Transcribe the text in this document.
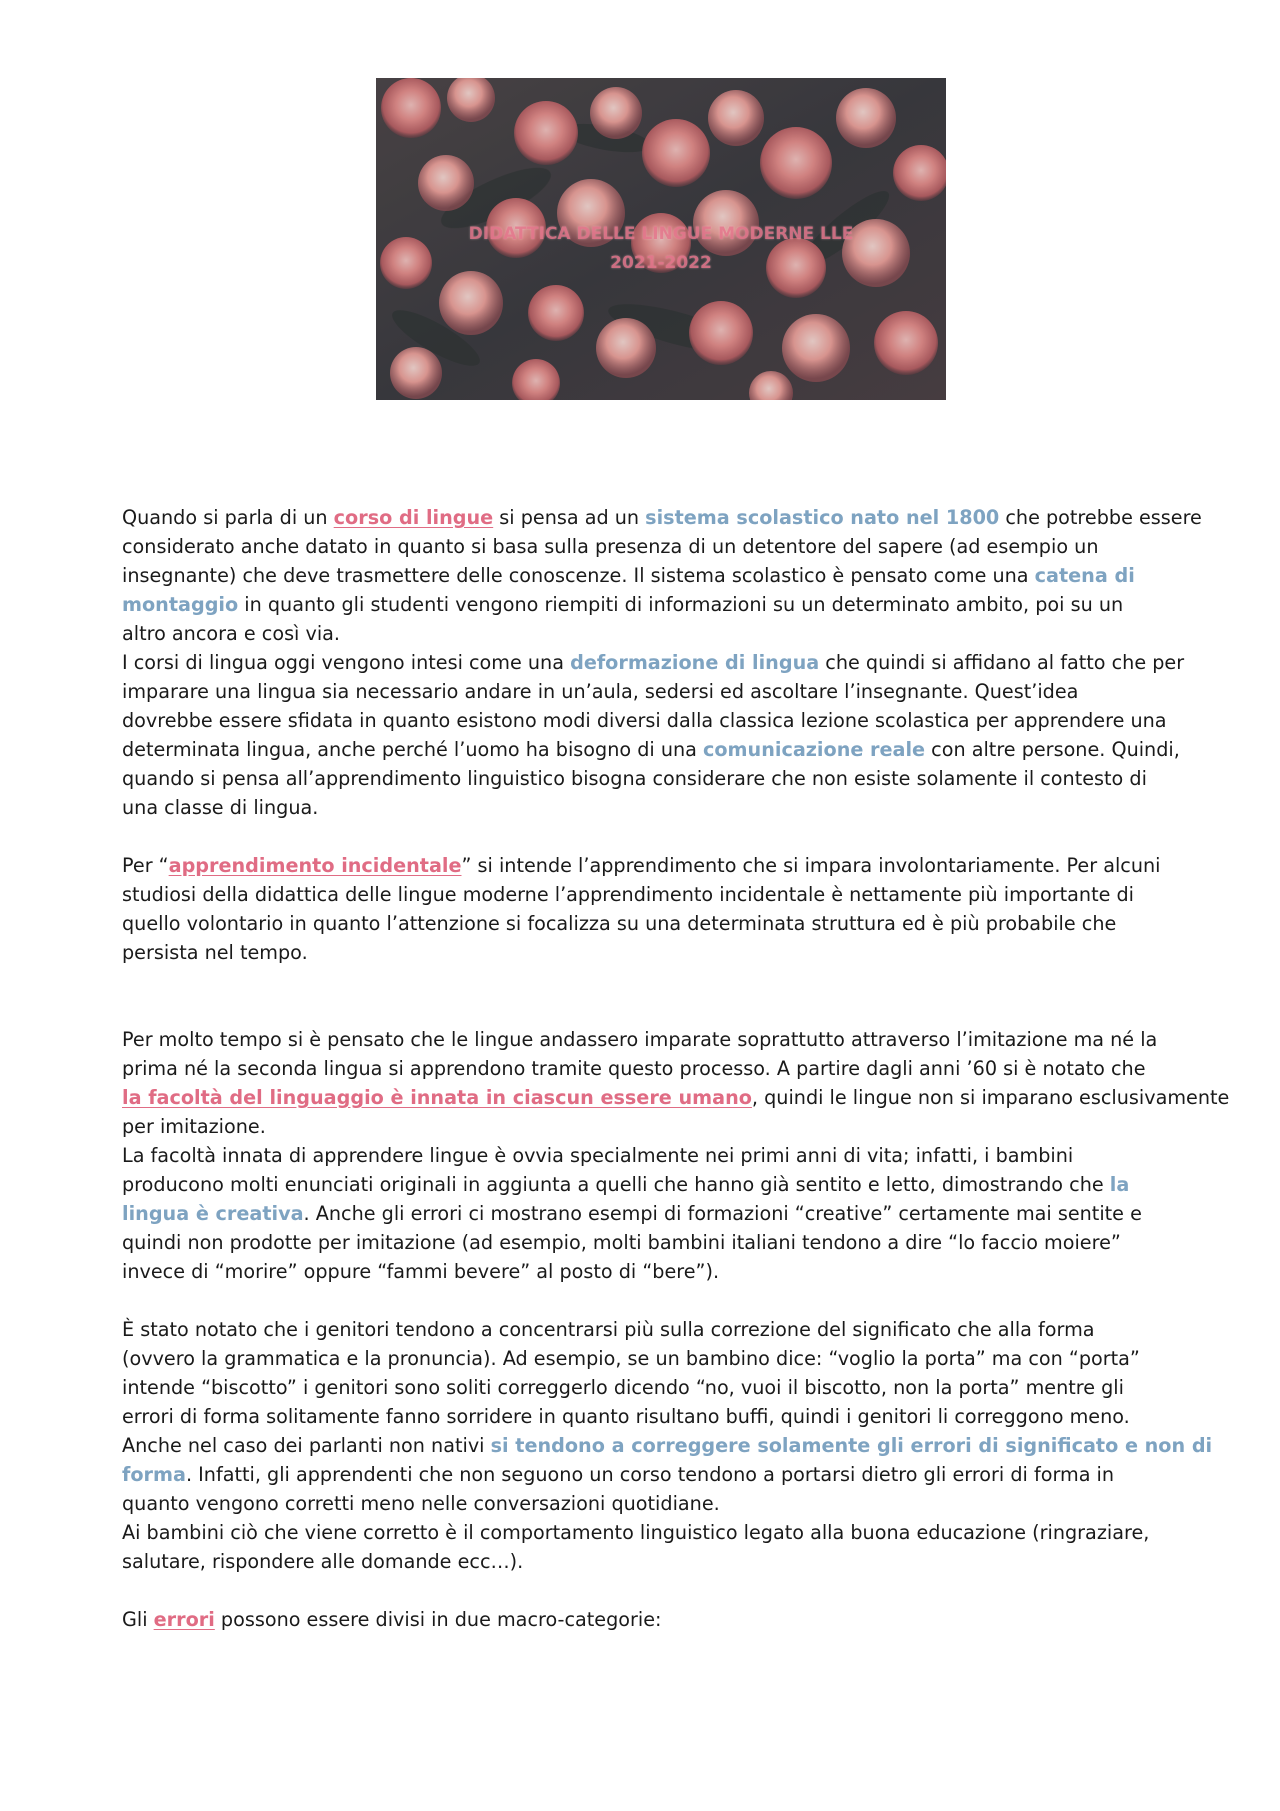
DIDATTICA DELLE LINGUE MODERNE LLE
2021-2022

Quando si parla di un corso di lingue si pensa ad un sistema scolastico nato nel 1800 che potrebbe essere

considerato anche datato in quanto si basa sulla presenza di un detentore del sapere (ad esempio un

insegnante) che deve trasmettere delle conoscenze. Il sistema scolastico è pensato come una catena di

montaggio in quanto gli studenti vengono riempiti di informazioni su un determinato ambito, poi su un

altro ancora e così via.

I corsi di lingua oggi vengono intesi come una deformazione di lingua che quindi si affidano al fatto che per

imparare una lingua sia necessario andare in un’aula, sedersi ed ascoltare l’insegnante. Quest’idea

dovrebbe essere sfidata in quanto esistono modi diversi dalla classica lezione scolastica per apprendere una

determinata lingua, anche perché l’uomo ha bisogno di una comunicazione reale con altre persone. Quindi,

quando si pensa all’apprendimento linguistico bisogna considerare che non esiste solamente il contesto di

una classe di lingua.

Per “apprendimento incidentale” si intende l’apprendimento che si impara involontariamente. Per alcuni

studiosi della didattica delle lingue moderne l’apprendimento incidentale è nettamente più importante di

quello volontario in quanto l’attenzione si focalizza su una determinata struttura ed è più probabile che

persista nel tempo.

Per molto tempo si è pensato che le lingue andassero imparate soprattutto attraverso l’imitazione ma né la

prima né la seconda lingua si apprendono tramite questo processo. A partire dagli anni ’60 si è notato che

la facoltà del linguaggio è innata in ciascun essere umano, quindi le lingue non si imparano esclusivamente

per imitazione.

La facoltà innata di apprendere lingue è ovvia specialmente nei primi anni di vita; infatti, i bambini

producono molti enunciati originali in aggiunta a quelli che hanno già sentito e letto, dimostrando che la

lingua è creativa. Anche gli errori ci mostrano esempi di formazioni “creative” certamente mai sentite e

quindi non prodotte per imitazione (ad esempio, molti bambini italiani tendono a dire “lo faccio moiere”

invece di “morire” oppure “fammi bevere” al posto di “bere”).

È stato notato che i genitori tendono a concentrarsi più sulla correzione del significato che alla forma

(ovvero la grammatica e la pronuncia). Ad esempio, se un bambino dice: “voglio la porta” ma con “porta”

intende “biscotto” i genitori sono soliti correggerlo dicendo “no, vuoi il biscotto, non la porta” mentre gli

errori di forma solitamente fanno sorridere in quanto risultano buffi, quindi i genitori li correggono meno.

Anche nel caso dei parlanti non nativi si tendono a correggere solamente gli errori di significato e non di

forma. Infatti, gli apprendenti che non seguono un corso tendono a portarsi dietro gli errori di forma in

quanto vengono corretti meno nelle conversazioni quotidiane.

Ai bambini ciò che viene corretto è il comportamento linguistico legato alla buona educazione (ringraziare,

salutare, rispondere alle domande ecc…).

Gli errori possono essere divisi in due macro-categorie:
